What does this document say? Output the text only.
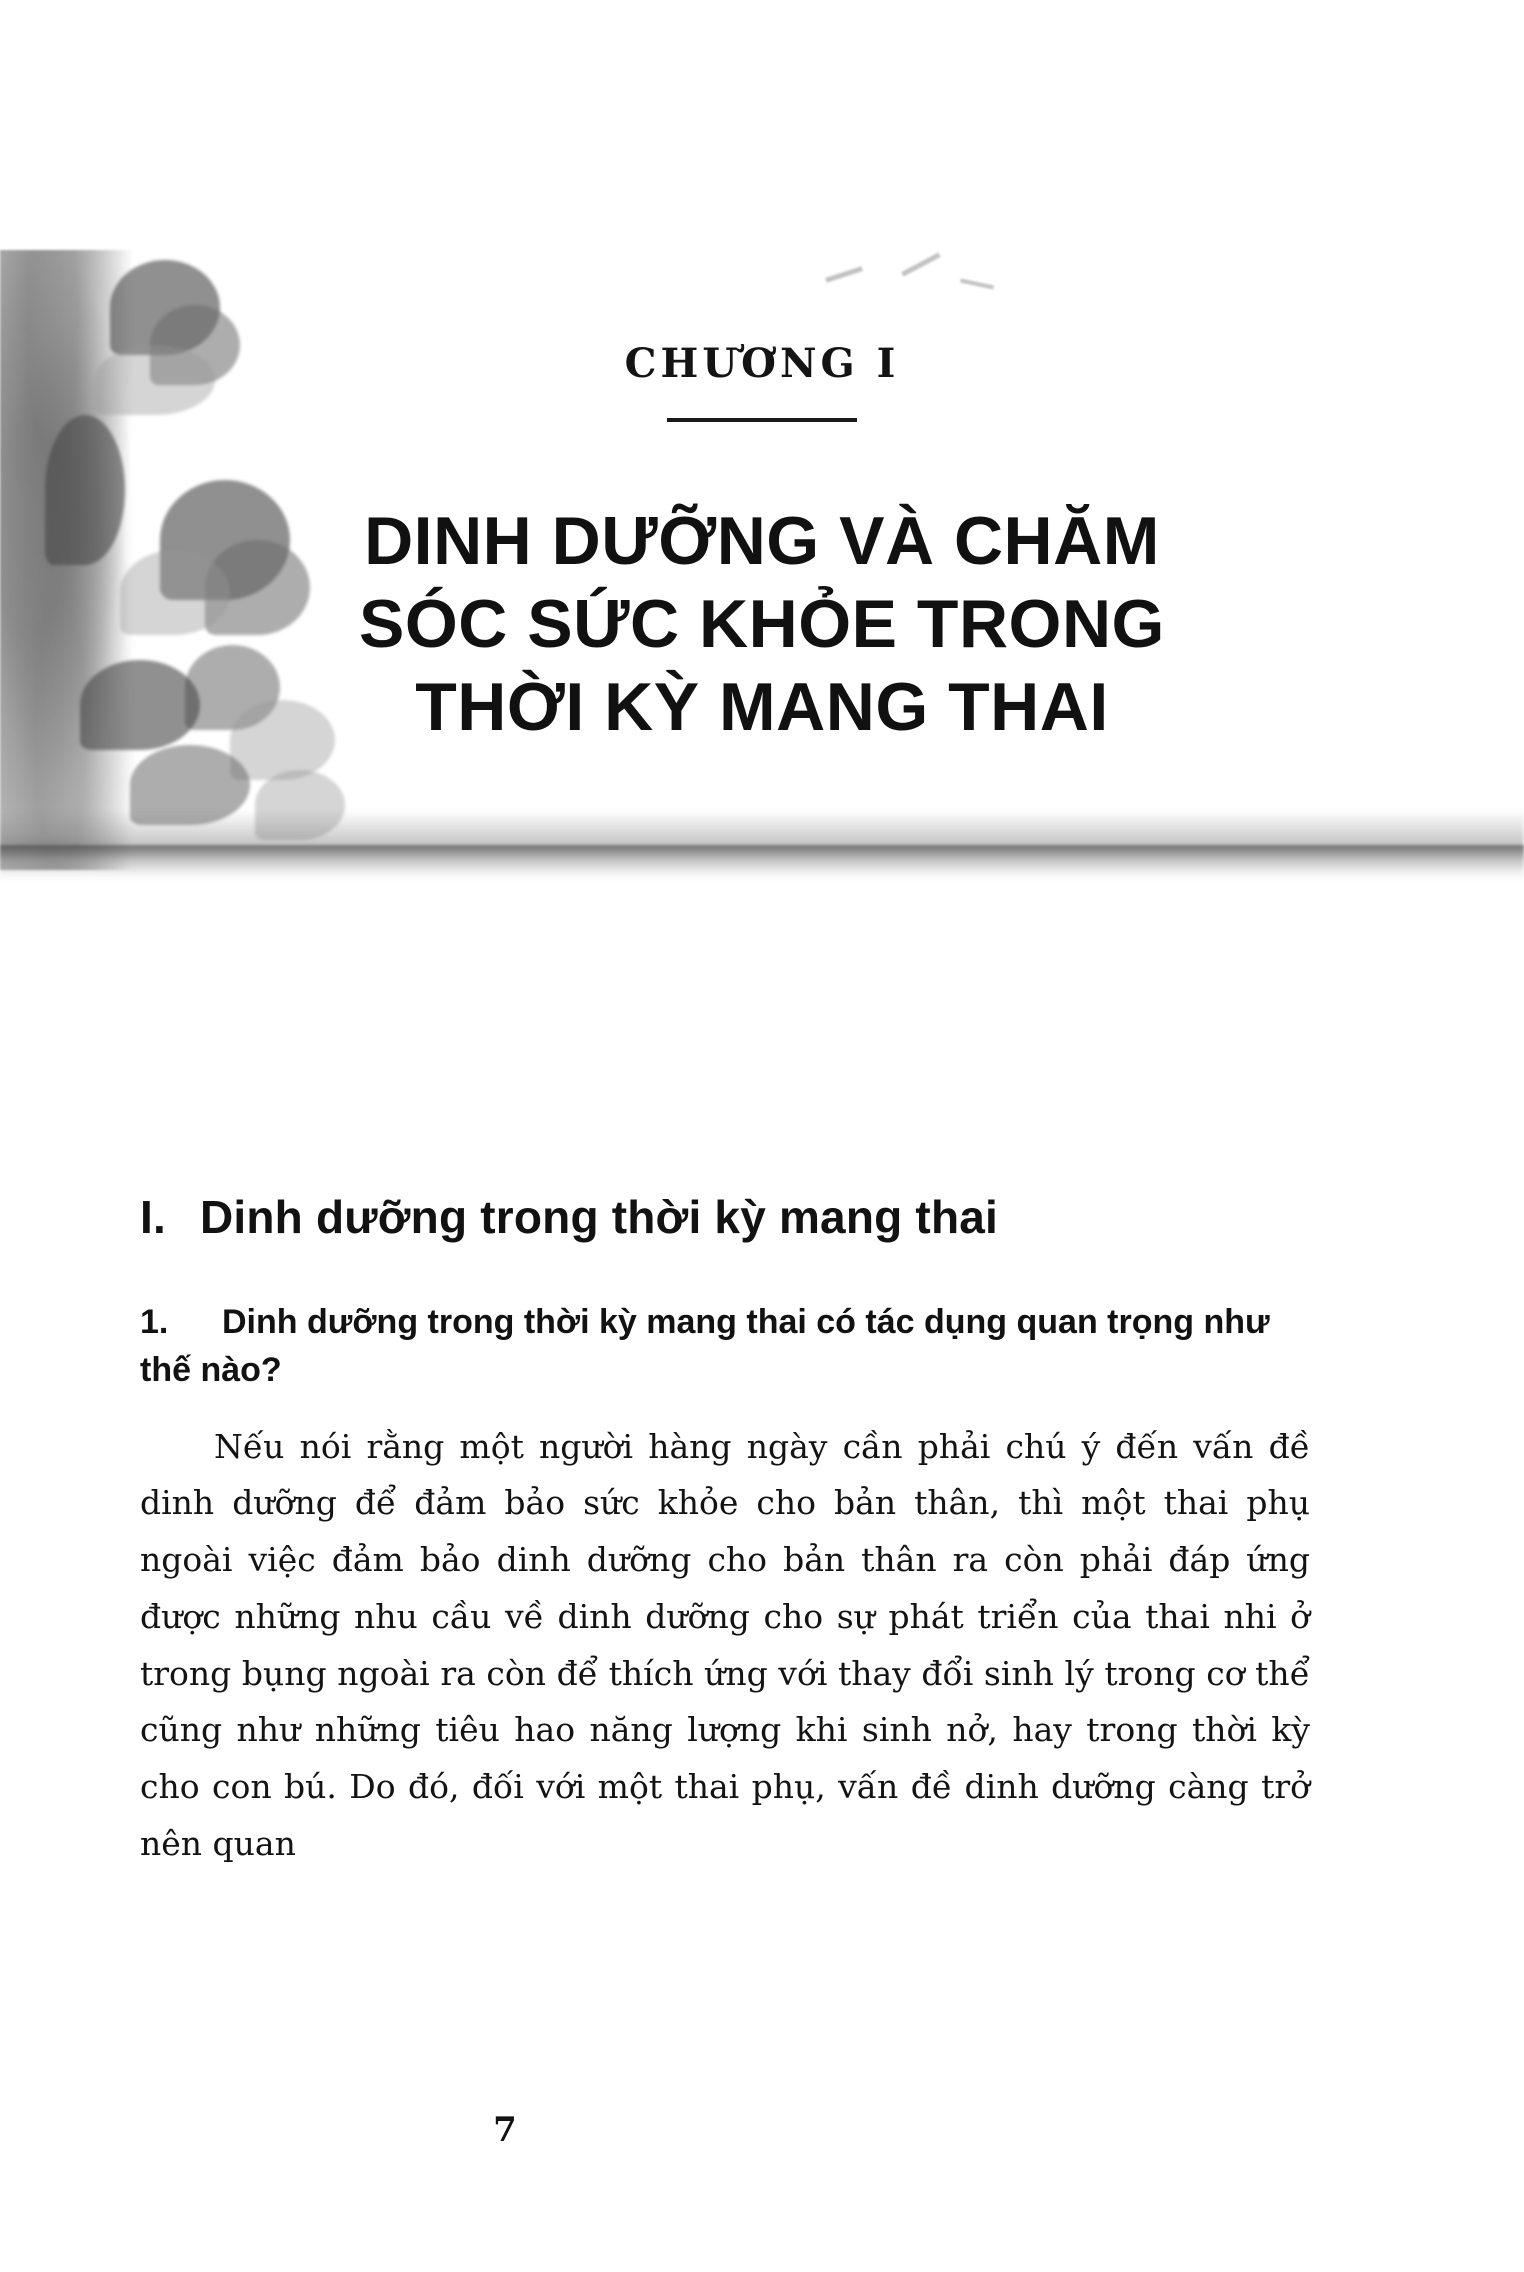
CHƯƠNG I
DINH DƯỠNG VÀ CHĂM
SÓC SỨC KHỎE TRONG
THỜI KỲ MANG THAI
I. Dinh dưỡng trong thời kỳ mang thai
1. Dinh dưỡng trong thời kỳ mang thai có tác dụng quan trọng như thế nào?

Nếu nói rằng một người hàng ngày cần phải chú ý đến vấn đề dinh dưỡng để đảm bảo sức khỏe cho bản thân, thì một thai phụ ngoài việc đảm bảo dinh dưỡng cho bản thân ra còn phải đáp ứng được những nhu cầu về dinh dưỡng cho sự phát triển của thai nhi ở trong bụng ngoài ra còn để thích ứng với thay đổi sinh lý trong cơ thể cũng như những tiêu hao năng lượng khi sinh nở, hay trong thời kỳ cho con bú. Do đó, đối với một thai phụ, vấn đề dinh dưỡng càng trở nên quan

7
